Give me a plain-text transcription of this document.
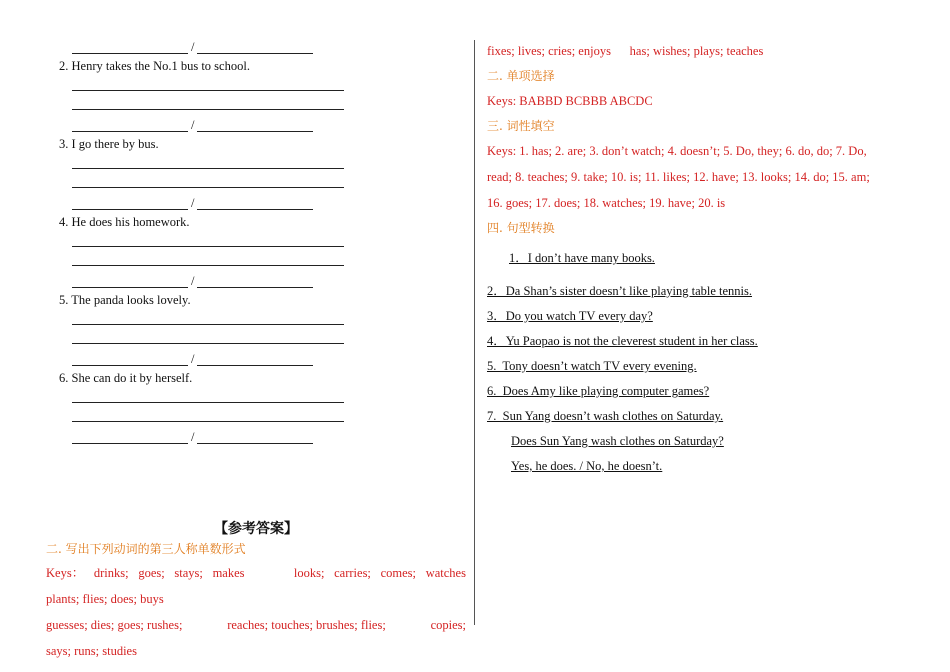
/
2. Henry takes the No.1 bus to school.
/
3. I go there by bus.
/
4. He does his homework.
/
5. The panda looks lovely.
/
6. She can do it by herself.
/
【参考答案】
二. 写出下列动词的第三人称单数形式
Keys： drinks; goes; stays; makes	looks; carries; comes; watches
plants; flies; does; buys
guesses; dies; goes; rushes;	reaches; touches; brushes; flies;	copies;
says; runs; studies
fixes; lives; cries; enjoys      has; wishes; plays; teaches
二. 单项选择
Keys: BABBD BCBBB ABCDC
三. 词性填空
Keys: 1. has; 2. are; 3. don’t watch; 4. doesn’t; 5. Do, they; 6. do, do; 7. Do,
read; 8. teaches; 9. take; 10. is; 11. likes; 12. have; 13. looks; 14. do; 15. am;
16. goes; 17. does; 18. watches; 19. have; 20. is
四. 句型转换
1．I don’t have many books.
2．Da Shan’s sister doesn’t like playing table tennis.
3．Do you watch TV every day?
4．Yu Paopao is not the cleverest student in her class.
5.  Tony doesn’t watch TV every evening.
6.  Does Amy like playing computer games?
7.  Sun Yang doesn’t wash clothes on Saturday.
Does Sun Yang wash clothes on Saturday?
Yes, he does. / No, he doesn’t.
